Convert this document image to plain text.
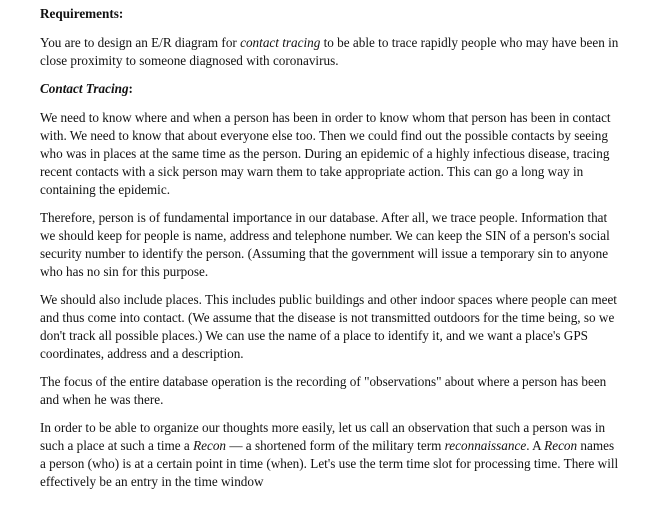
Requirements:

You are to design an E/R diagram for contact tracing to be able to trace rapidly people who may have been in close proximity to someone diagnosed with coronavirus.

Contact Tracing:

We need to know where and when a person has been in order to know whom that person has been in contact with. We need to know that about everyone else too. Then we could find out the possible contacts by seeing who was in places at the same time as the person. During an epidemic of a highly infectious disease, tracing recent contacts with a sick person may warn them to take appropriate action. This can go a long way in containing the epidemic.

Therefore, person is of fundamental importance in our database. After all, we trace people. Information that we should keep for people is name, address and telephone number. We can keep the SIN of a person's social security number to identify the person. (Assuming that the government will issue a temporary sin to anyone who has no sin for this purpose.

We should also include places. This includes public buildings and other indoor spaces where people can meet and thus come into contact. (We assume that the disease is not transmitted outdoors for the time being, so we don't track all possible places.) We can use the name of a place to identify it, and we want a place's GPS coordinates, address and a description.

The focus of the entire database operation is the recording of "observations" about where a person has been and when he was there.

In order to be able to organize our thoughts more easily, let us call an observation that such a person was in such a place at such a time a Recon — a shortened form of the military term reconnaissance. A Recon names a person (who) is at a certain point in time (when). Let's use the term time slot for processing time. There will effectively be an entry in the time window
